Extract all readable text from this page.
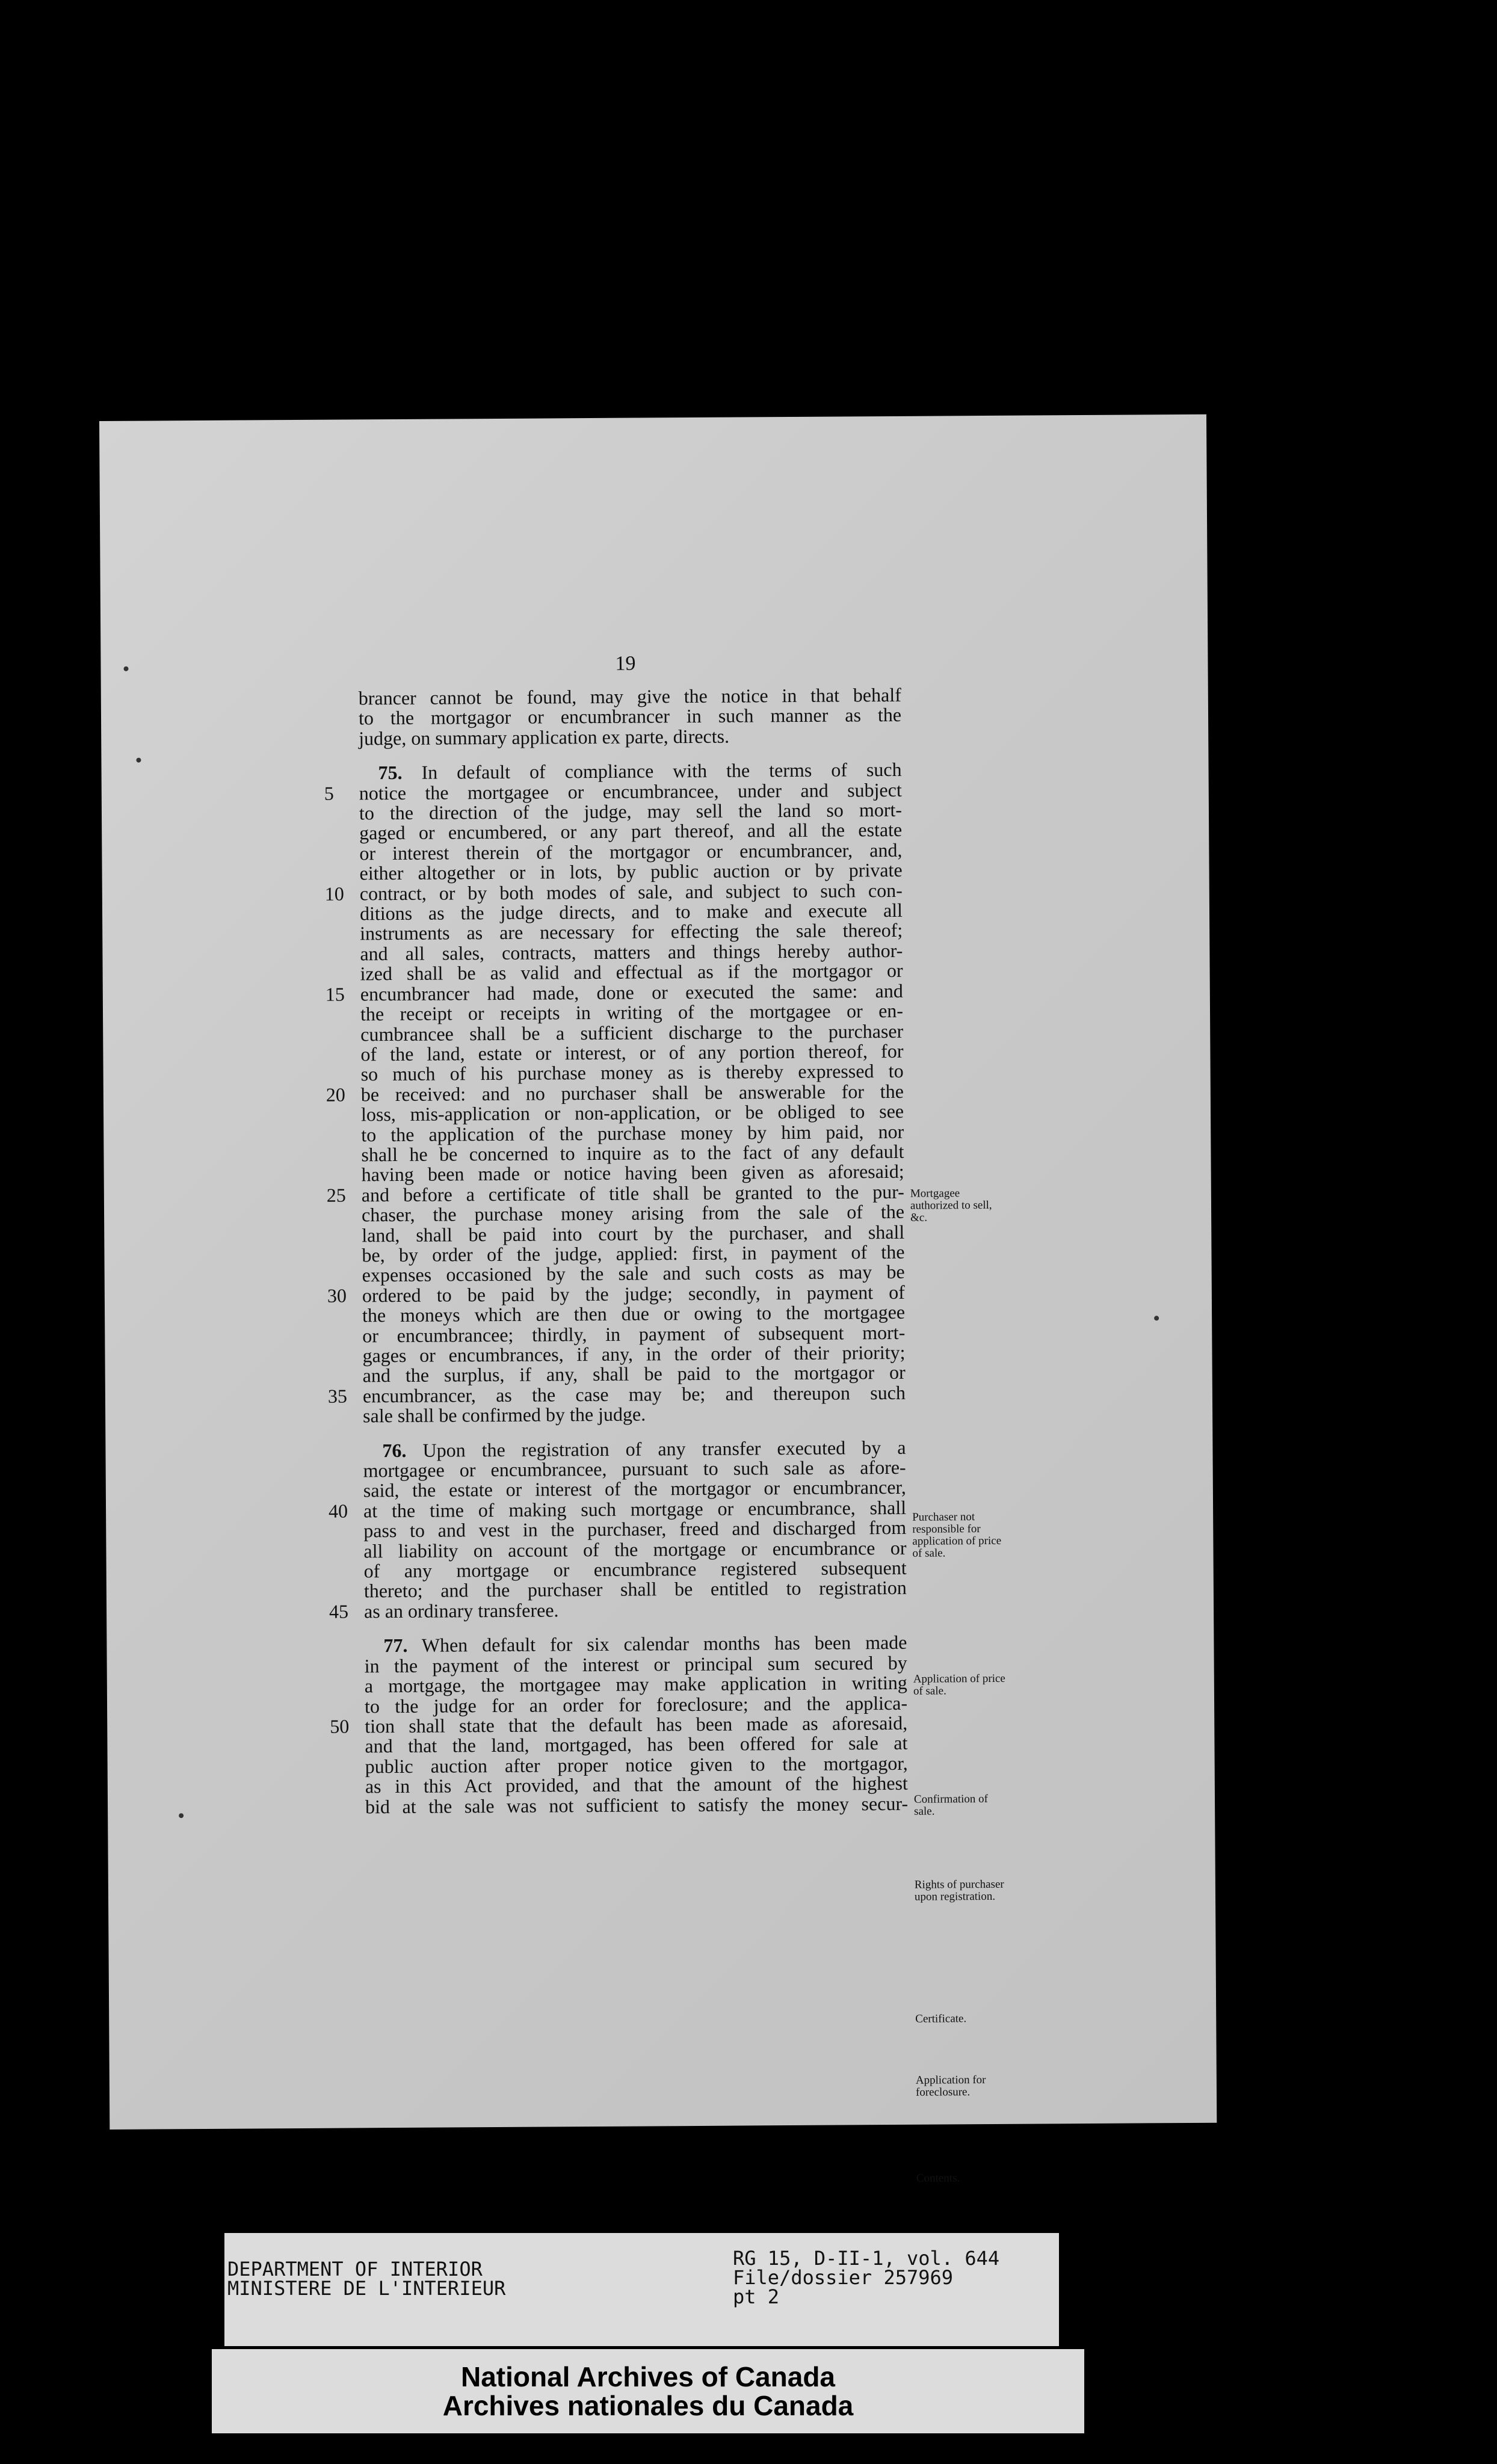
19
brancer cannot be found, may give the notice in that behalf
to the mortgagor or encumbrancer in such manner as the
judge, on summary application ex parte, directs.
75. In default of compliance with the terms of such
5	notice the mortgagee or encumbrancee, under and subject
to the direction of the judge, may sell the land so mort-
gaged or encumbered, or any part thereof, and all the estate
or interest therein of the mortgagor or encumbrancer, and,
either altogether or in lots, by public auction or by private
10 contract, or by both modes of sale, and subject to such con-
ditions as the judge directs, and to make and execute all
instruments as are necessary for effecting the sale thereof;
and all sales, contracts, matters and things hereby author-
ized shall be as valid and effectual as if the mortgagor or
15 encumbrancer had made, done or executed the same: and
the receipt or receipts in writing of the mortgagee or en-
cumbrancee shall be a sufficient discharge to the purchaser
of the land, estate or interest, or of any portion thereof, for
so much of his purchase money as is thereby expressed to
20 be received: and no purchaser shall be answerable for the
loss, mis-application or non-application, or be obliged to see
to the application of the purchase money by him paid, nor
shall he be concerned to inquire as to the fact of any default
having been made or notice having been given as aforesaid;
25 and before a certificate of title shall be granted to the pur-
chaser, the purchase money arising from the sale of the
land, shall be paid into court by the purchaser, and shall
be, by order of the judge, applied: first, in payment of the
expenses occasioned by the sale and such costs as may be
30 ordered to be paid by the judge; secondly, in payment of
the moneys which are then due or owing to the mortgagee
or encumbrancee; thirdly, in payment of subsequent mort-
gages or encumbrances, if any, in the order of their priority;
and the surplus, if any, shall be paid to the mortgagor or
35 encumbrancer, as the case may be; and thereupon such
sale shall be confirmed by the judge.
76. Upon the registration of any transfer executed by a
mortgagee or encumbrancee, pursuant to such sale as afore-
said, the estate or interest of the mortgagor or encumbrancer,
40 at the time of making such mortgage or encumbrance, shall
pass to and vest in the purchaser, freed and discharged from
all liability on account of the mortgage or encumbrance or
of any mortgage or encumbrance registered subsequent
thereto; and the purchaser shall be entitled to registration
45 as an ordinary transferee.
77. When default for six calendar months has been made
in the payment of the interest or principal sum secured by
a mortgage, the mortgagee may make application in writing
to the judge for an order for foreclosure; and the applica-
50 tion shall state that the default has been made as aforesaid,
and that the land, mortgaged, has been offered for sale at
public auction after proper notice given to the mortgagor,
as in this Act provided, and that the amount of the highest
bid at the sale was not sufficient to satisfy the money secur-
Mortgagee authorized to sell, &c.
Purchaser not responsible for application of price of sale.
Application of price of sale.
Confirmation of sale.
Rights of purchaser upon registration.
Certificate.
Application for foreclosure.
Contents.
DEPARTMENT OF INTERIOR
MINISTERE DE L'INTERIEUR
RG 15, D-II-1, vol. 644
File/dossier 257969
pt 2
National Archives of Canada
Archives nationales du Canada
